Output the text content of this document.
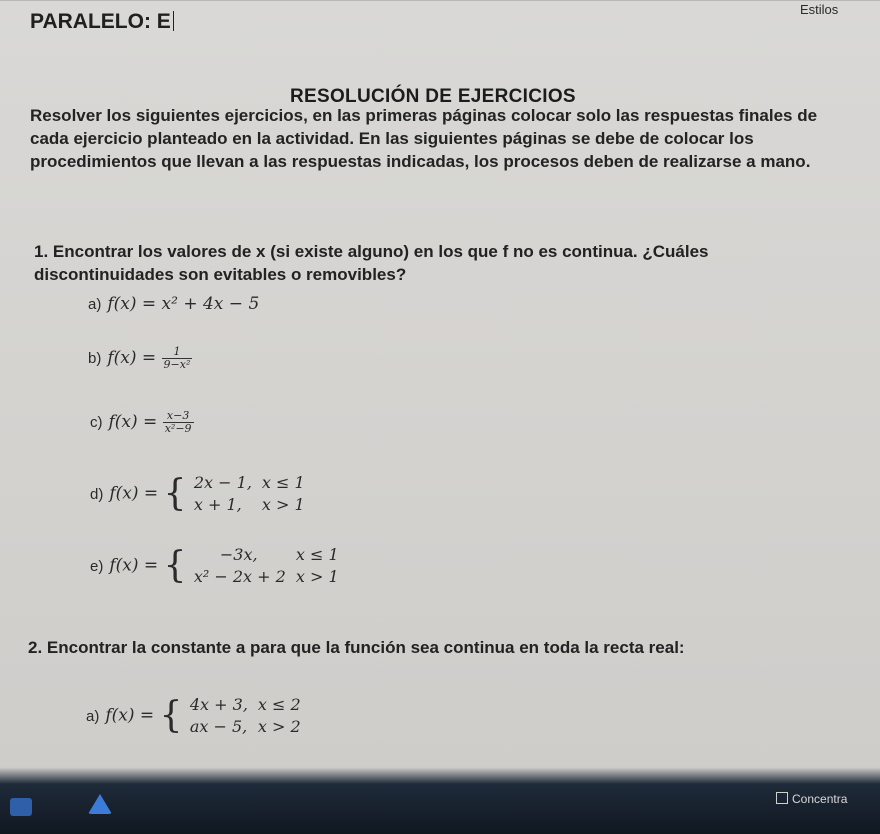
Estilos
PARALELO: E
RESOLUCIÓN DE EJERCICIOS
Resolver los siguientes ejercicios, en las primeras páginas colocar solo las respuestas finales de cada ejercicio planteado en la actividad. En las siguientes páginas se debe de colocar los procedimientos que llevan a las respuestas indicadas, los procesos deben de realizarse a mano.
1. Encontrar los valores de x (si existe alguno) en los que f no es continua. ¿Cuáles discontinuidades son evitables o removibles?
a) f(x) = x² + 4x − 5
b) $f(x) = \frac{1}{\text{9−x²}}$
c) $f(x) = \frac{x-3}{\text{x²−9}}$
d) f(x) = { 2x − 1,	x ≤ 1
x + 1,	x > 1
e) f(x) = { −3x,	x ≤ 1
x² − 2x + 2	x > 1
2. Encontrar la constante a para que la función sea continua en toda la recta real:
a) f(x) = { 4x + 3,	x ≤ 2
ax − 5,	x > 2
Concentra
